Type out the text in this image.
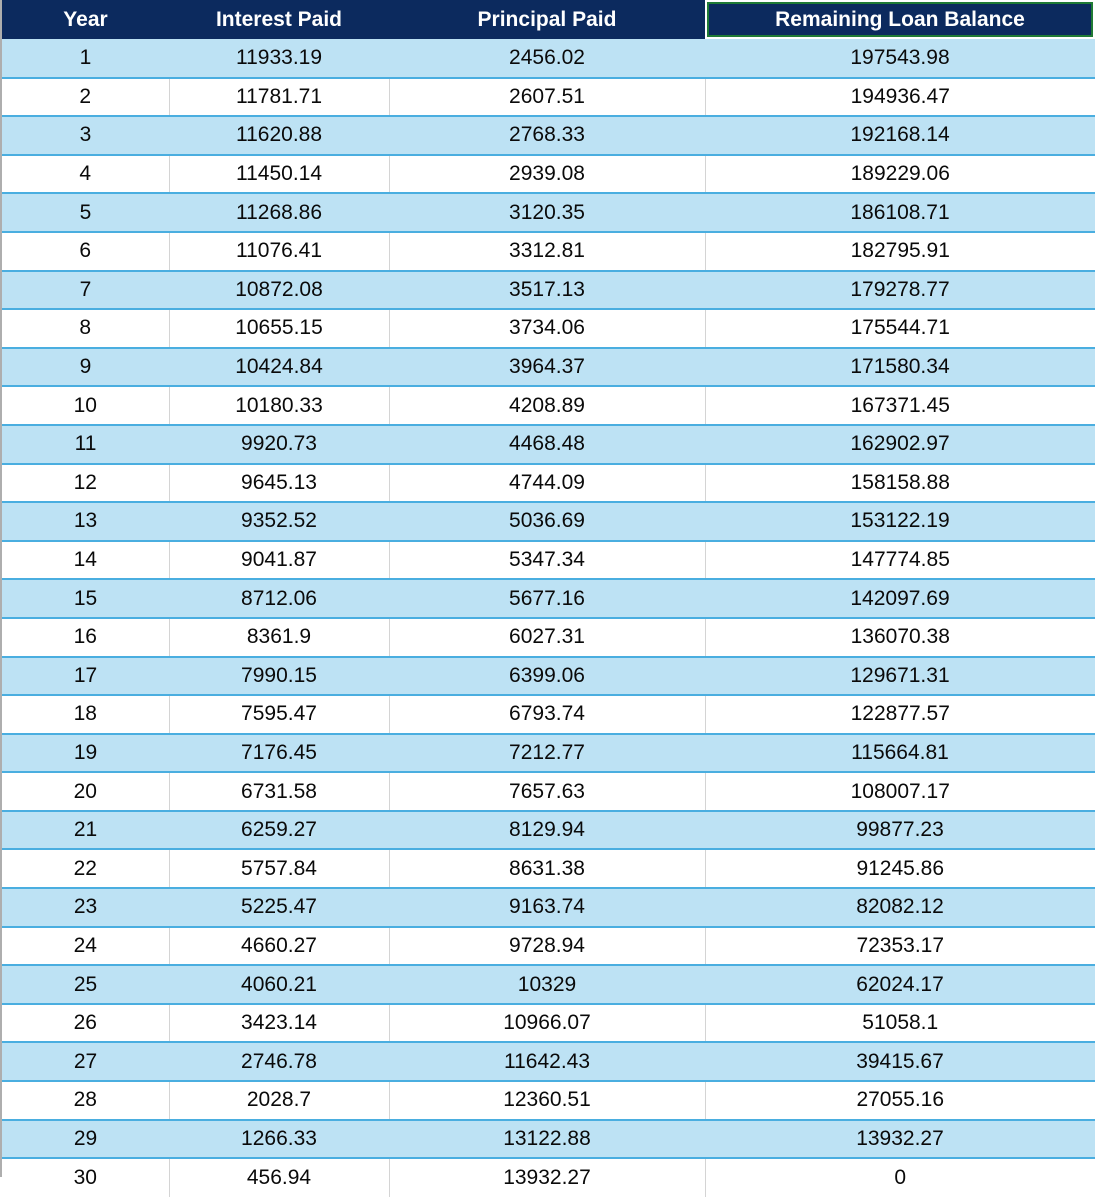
Year	Interest Paid	Principal Paid	Remaining Loan Balance
1	11933.19	2456.02	197543.98
2	11781.71	2607.51	194936.47
3	11620.88	2768.33	192168.14
4	11450.14	2939.08	189229.06
5	11268.86	3120.35	186108.71
6	11076.41	3312.81	182795.91
7	10872.08	3517.13	179278.77
8	10655.15	3734.06	175544.71
9	10424.84	3964.37	171580.34
10	10180.33	4208.89	167371.45
11	9920.73	4468.48	162902.97
12	9645.13	4744.09	158158.88
13	9352.52	5036.69	153122.19
14	9041.87	5347.34	147774.85
15	8712.06	5677.16	142097.69
16	8361.9	6027.31	136070.38
17	7990.15	6399.06	129671.31
18	7595.47	6793.74	122877.57
19	7176.45	7212.77	115664.81
20	6731.58	7657.63	108007.17
21	6259.27	8129.94	99877.23
22	5757.84	8631.38	91245.86
23	5225.47	9163.74	82082.12
24	4660.27	9728.94	72353.17
25	4060.21	10329	62024.17
26	3423.14	10966.07	51058.1
27	2746.78	11642.43	39415.67
28	2028.7	12360.51	27055.16
29	1266.33	13122.88	13932.27
30	456.94	13932.27	0
